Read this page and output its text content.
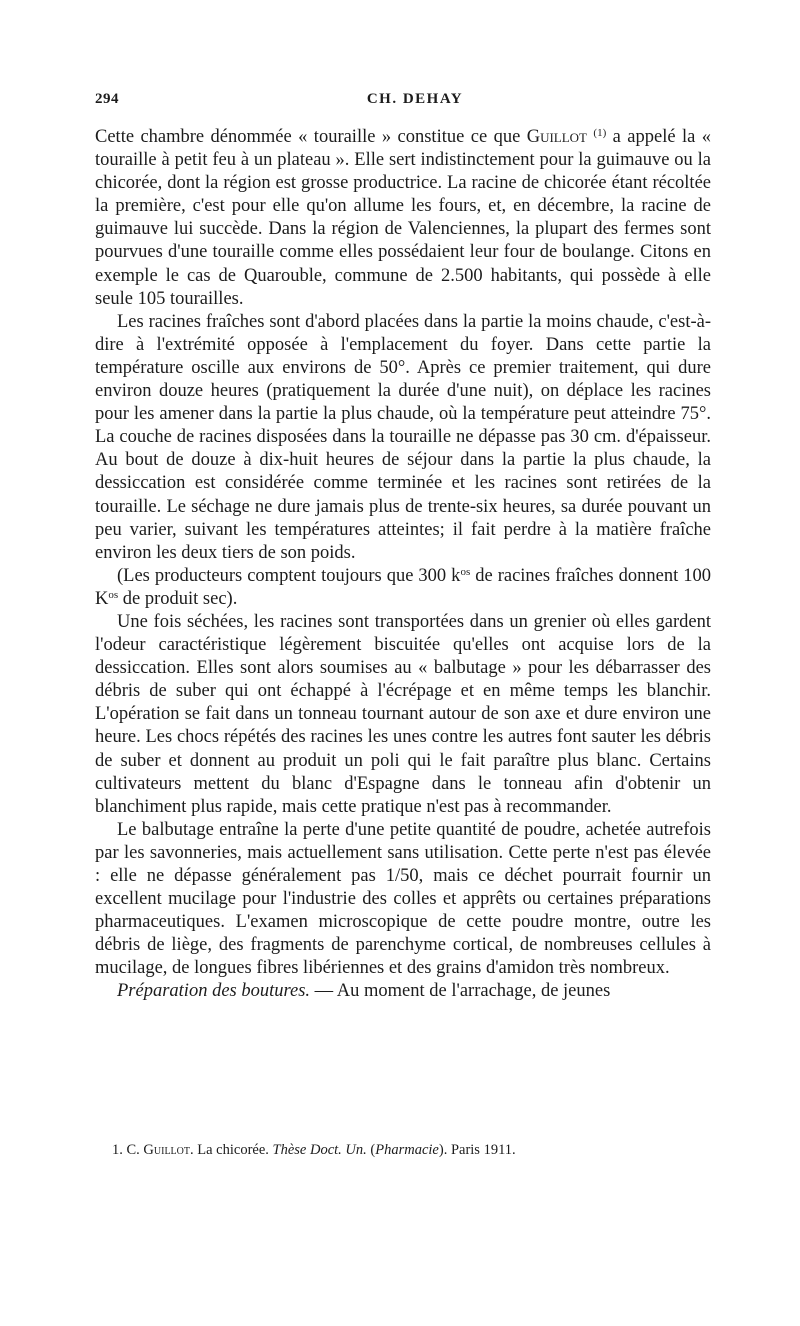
294	CH. DEHAY

Cette chambre dénommée « touraille » constitue ce que Guillot $^{(1)}$ a appelé la « touraille à petit feu à un plateau ». Elle sert indistinctement pour la guimauve ou la chicorée, dont la région est grosse productrice. La racine de chicorée étant récoltée la première, c'est pour elle qu'on allume les fours, et, en décembre, la racine de guimauve lui succède. Dans la région de Valenciennes, la plupart des fermes sont pourvues d'une touraille comme elles possédaient leur four de boulange. Citons en exemple le cas de Quarouble, commune de 2.500 habitants, qui possède à elle seule 105 tourailles.

Les racines fraîches sont d'abord placées dans la partie la moins chaude, c'est-à-dire à l'extrémité opposée à l'emplacement du foyer. Dans cette partie la température oscille aux environs de 50°. Après ce premier traitement, qui dure environ douze heures (pratiquement la durée d'une nuit), on déplace les racines pour les amener dans la partie la plus chaude, où la température peut atteindre 75°. La couche de racines disposées dans la touraille ne dépasse pas 30 cm. d'épaisseur. Au bout de douze à dix-huit heures de séjour dans la partie la plus chaude, la dessiccation est considérée comme terminée et les racines sont retirées de la touraille. Le séchage ne dure jamais plus de trente-six heures, sa durée pouvant un peu varier, suivant les températures atteintes; il fait perdre à la matière fraîche environ les deux tiers de son poids.

(Les producteurs comptent toujours que 300 $k^{os}$ de racines fraîches donnent 100 $K^{os}$ de produit sec).

Une fois séchées, les racines sont transportées dans un grenier où elles gardent l'odeur caractéristique légèrement biscuitée qu'elles ont acquise lors de la dessiccation. Elles sont alors soumises au « balbutage » pour les débarrasser des débris de suber qui ont échappé à l'écrépage et en même temps les blanchir. L'opération se fait dans un tonneau tournant autour de son axe et dure environ une heure. Les chocs répétés des racines les unes contre les autres font sauter les débris de suber et donnent au produit un poli qui le fait paraître plus blanc. Certains cultivateurs mettent du blanc d'Espagne dans le tonneau afin d'obtenir un blanchiment plus rapide, mais cette pratique n'est pas à recommander.

Le balbutage entraîne la perte d'une petite quantité de poudre, achetée autrefois par les savonneries, mais actuellement sans utilisation. Cette perte n'est pas élevée : elle ne dépasse généralement pas 1/50, mais ce déchet pourrait fournir un excellent mucilage pour l'industrie des colles et apprêts ou certaines préparations pharmaceutiques. L'examen microscopique de cette poudre montre, outre les débris de liège, des fragments de parenchyme cortical, de nombreuses cellules à mucilage, de longues fibres libériennes et des grains d'amidon très nombreux.

Préparation des boutures. — Au moment de l'arrachage, de jeunes

1. C. Guillot. La chicorée. Thèse Doct. Un. (Pharmacie). Paris 1911.
